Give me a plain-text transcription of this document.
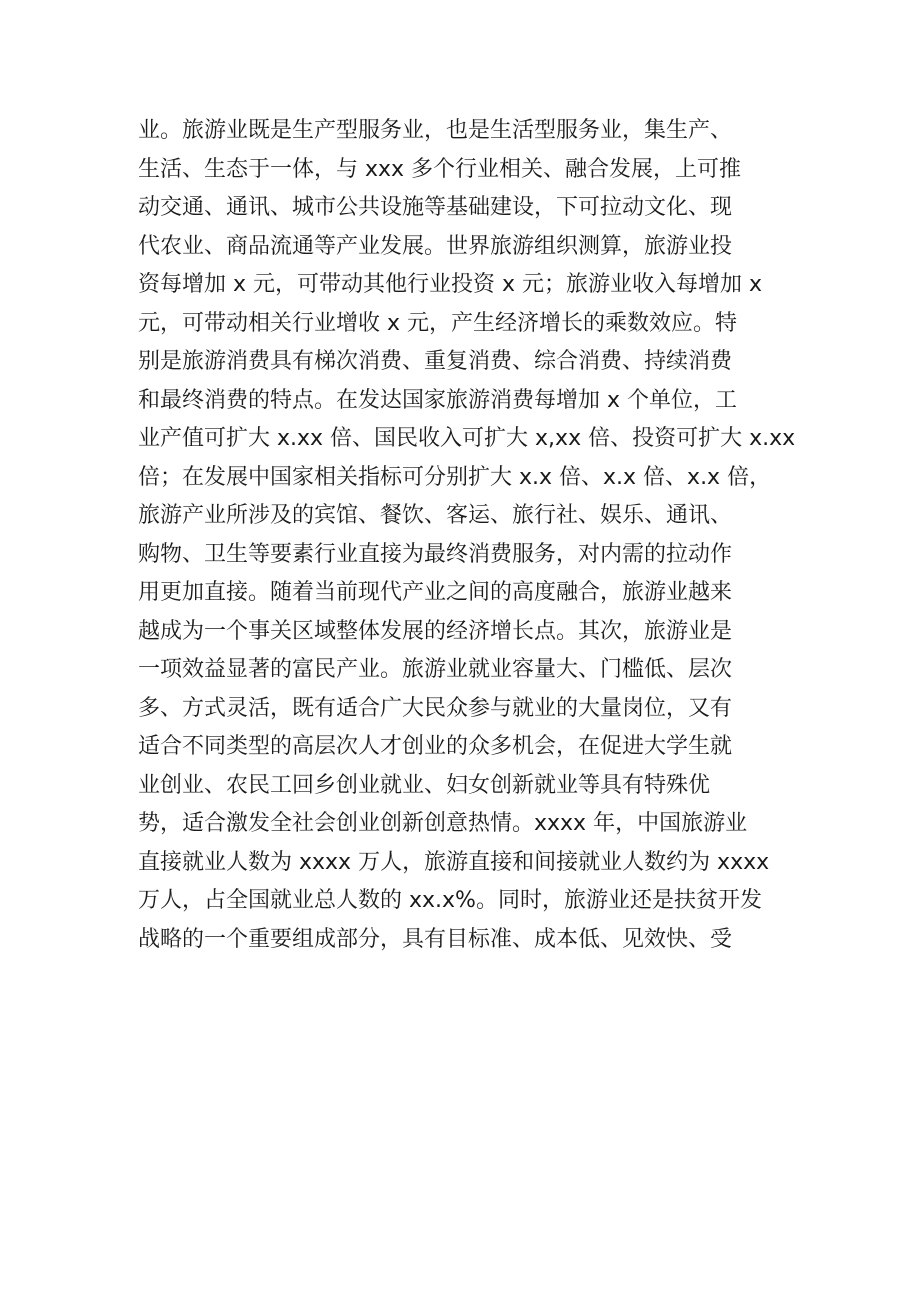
业。旅游业既是生产型服务业，也是生活型服务业，集生产、
生活、生态于一体，与 xxx 多个行业相关、融合发展，上可推
动交通、通讯、城市公共设施等基础建设，下可拉动文化、现
代农业、商品流通等产业发展。世界旅游组织测算，旅游业投
资每增加 x 元，可带动其他行业投资 x 元；旅游业收入每增加 x
元，可带动相关行业增收 x 元，产生经济增长的乘数效应。特
别是旅游消费具有梯次消费、重复消费、综合消费、持续消费
和最终消费的特点。在发达国家旅游消费每增加 x 个单位，工
业产值可扩大 x.xx 倍、国民收入可扩大 x,xx 倍、投资可扩大 x.xx
倍；在发展中国家相关指标可分别扩大 x.x 倍、x.x 倍、x.x 倍，
旅游产业所涉及的宾馆、餐饮、客运、旅行社、娱乐、通讯、
购物、卫生等要素行业直接为最终消费服务，对内需的拉动作
用更加直接。随着当前现代产业之间的高度融合，旅游业越来
越成为一个事关区域整体发展的经济增长点。其次，旅游业是
一项效益显著的富民产业。旅游业就业容量大、门槛低、层次
多、方式灵活，既有适合广大民众参与就业的大量岗位，又有
适合不同类型的高层次人才创业的众多机会，在促进大学生就
业创业、农民工回乡创业就业、妇女创新就业等具有特殊优
势，适合激发全社会创业创新创意热情。xxxx 年，中国旅游业
直接就业人数为 xxxx 万人，旅游直接和间接就业人数约为 xxxx
万人，占全国就业总人数的 xx.x%。同时，旅游业还是扶贫开发
战略的一个重要组成部分，具有目标准、成本低、见效快、受
